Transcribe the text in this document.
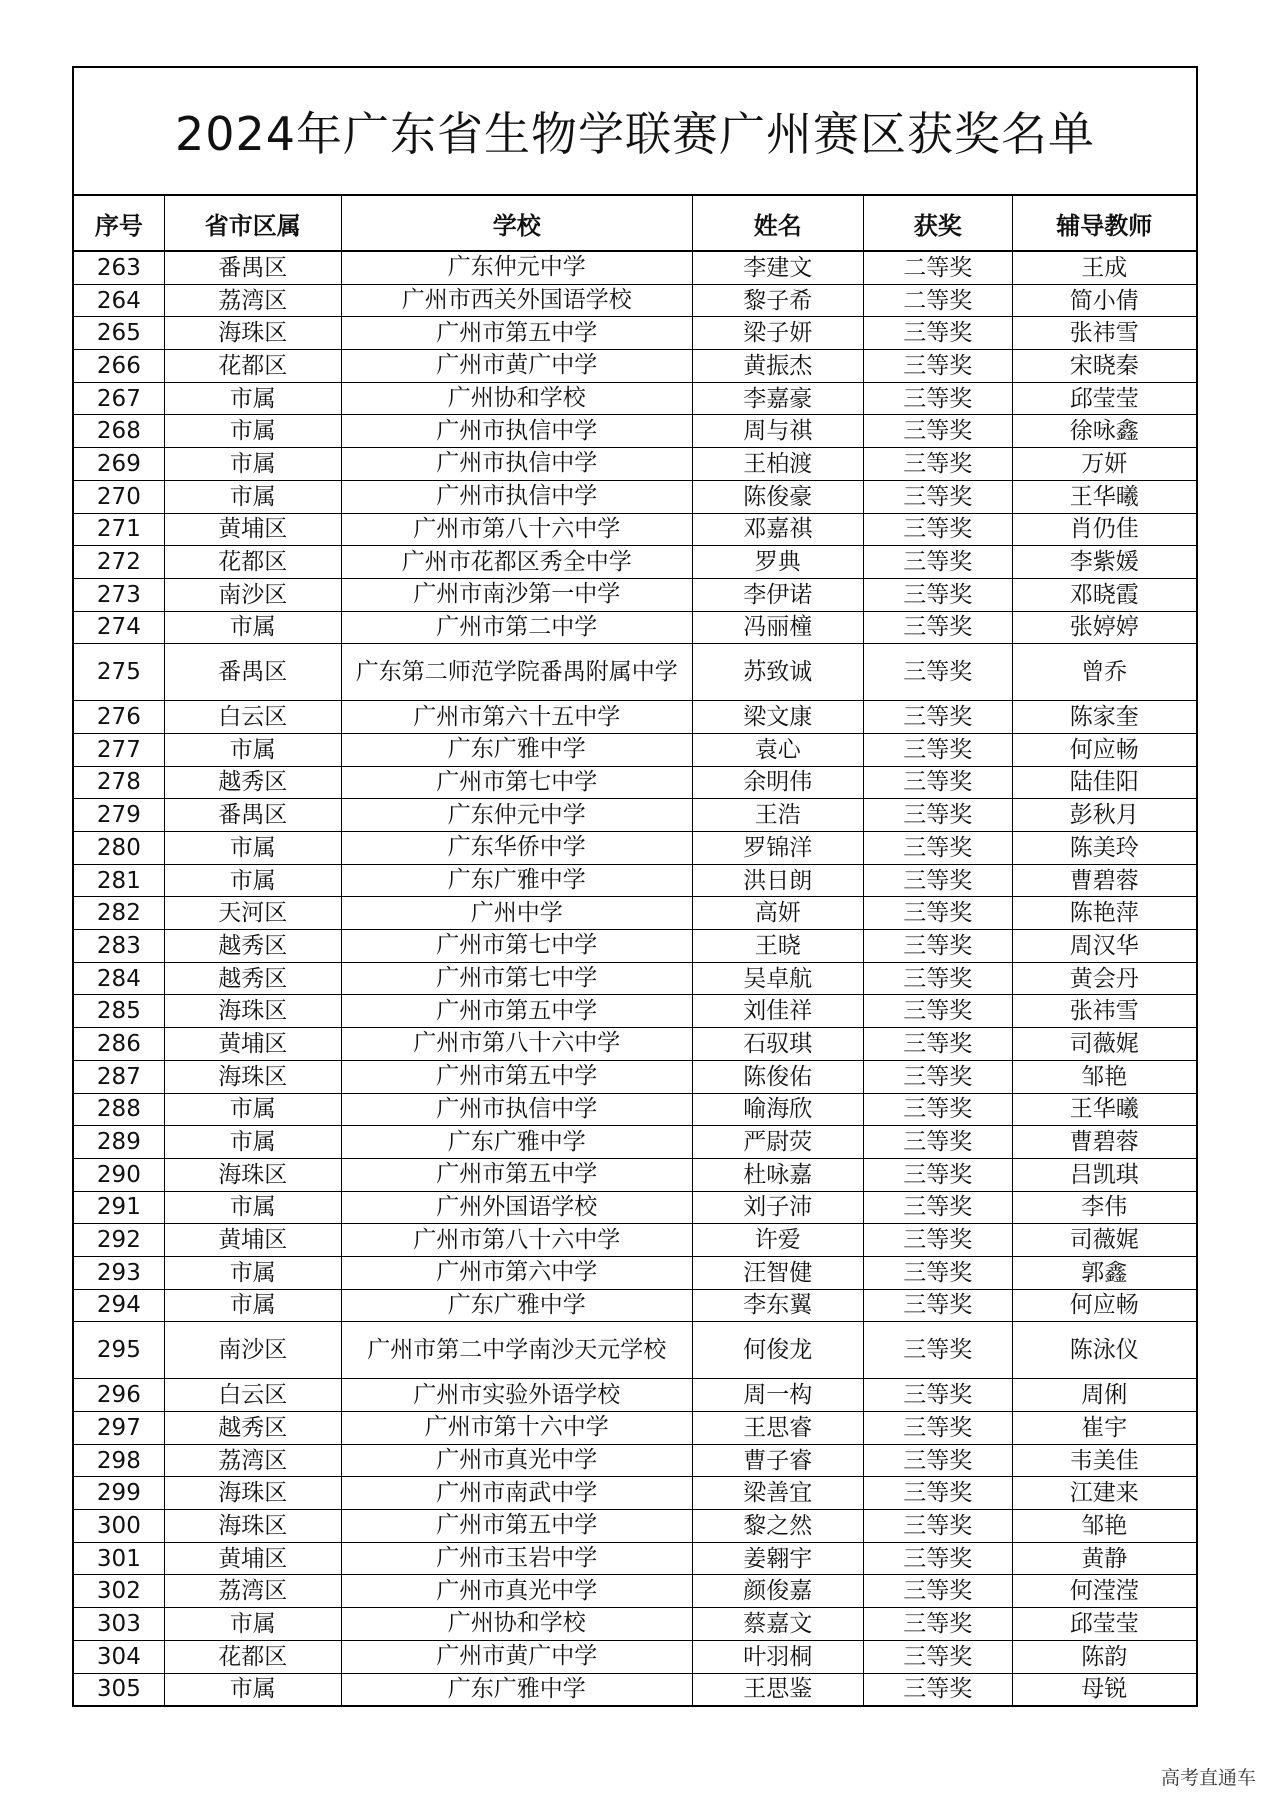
2024年广东省生物学联赛广州赛区获奖名单
序号	省市区属	学校	姓名	获奖	辅导教师
263	番禺区	广东仲元中学	李建文	二等奖	王成
264	荔湾区	广州市西关外国语学校	黎子希	二等奖	简小倩
265	海珠区	广州市第五中学	梁子妍	三等奖	张祎雪
266	花都区	广州市黄广中学	黄振杰	三等奖	宋晓秦
267	市属	广州协和学校	李嘉豪	三等奖	邱莹莹
268	市属	广州市执信中学	周与祺	三等奖	徐咏鑫
269	市属	广州市执信中学	王柏渡	三等奖	万妍
270	市属	广州市执信中学	陈俊豪	三等奖	王华曦
271	黄埔区	广州市第八十六中学	邓嘉祺	三等奖	肖仍佳
272	花都区	广州市花都区秀全中学	罗典	三等奖	李紫媛
273	南沙区	广州市南沙第一中学	李伊诺	三等奖	邓晓霞
274	市属	广州市第二中学	冯丽橦	三等奖	张婷婷
275	番禺区	广东第二师范学院番禺附属中学	苏致诚	三等奖	曾乔
276	白云区	广州市第六十五中学	梁文康	三等奖	陈家奎
277	市属	广东广雅中学	袁心	三等奖	何应畅
278	越秀区	广州市第七中学	余明伟	三等奖	陆佳阳
279	番禺区	广东仲元中学	王浩	三等奖	彭秋月
280	市属	广东华侨中学	罗锦洋	三等奖	陈美玲
281	市属	广东广雅中学	洪日朗	三等奖	曹碧蓉
282	天河区	广州中学	高妍	三等奖	陈艳萍
283	越秀区	广州市第七中学	王晓	三等奖	周汉华
284	越秀区	广州市第七中学	吴卓航	三等奖	黄会丹
285	海珠区	广州市第五中学	刘佳祥	三等奖	张祎雪
286	黄埔区	广州市第八十六中学	石驭琪	三等奖	司薇娓
287	海珠区	广州市第五中学	陈俊佑	三等奖	邹艳
288	市属	广州市执信中学	喻海欣	三等奖	王华曦
289	市属	广东广雅中学	严尉荧	三等奖	曹碧蓉
290	海珠区	广州市第五中学	杜咏嘉	三等奖	吕凯琪
291	市属	广州外国语学校	刘子沛	三等奖	李伟
292	黄埔区	广州市第八十六中学	许爱	三等奖	司薇娓
293	市属	广州市第六中学	汪智健	三等奖	郭鑫
294	市属	广东广雅中学	李东翼	三等奖	何应畅
295	南沙区	广州市第二中学南沙天元学校	何俊龙	三等奖	陈泳仪
296	白云区	广州市实验外语学校	周一构	三等奖	周俐
297	越秀区	广州市第十六中学	王思睿	三等奖	崔宇
298	荔湾区	广州市真光中学	曹子睿	三等奖	韦美佳
299	海珠区	广州市南武中学	梁善宜	三等奖	江建来
300	海珠区	广州市第五中学	黎之然	三等奖	邹艳
301	黄埔区	广州市玉岩中学	姜翱宇	三等奖	黄静
302	荔湾区	广州市真光中学	颜俊嘉	三等奖	何滢滢
303	市属	广州协和学校	蔡嘉文	三等奖	邱莹莹
304	花都区	广州市黄广中学	叶羽桐	三等奖	陈韵
305	市属	广东广雅中学	王思鉴	三等奖	母锐
高考直通车
